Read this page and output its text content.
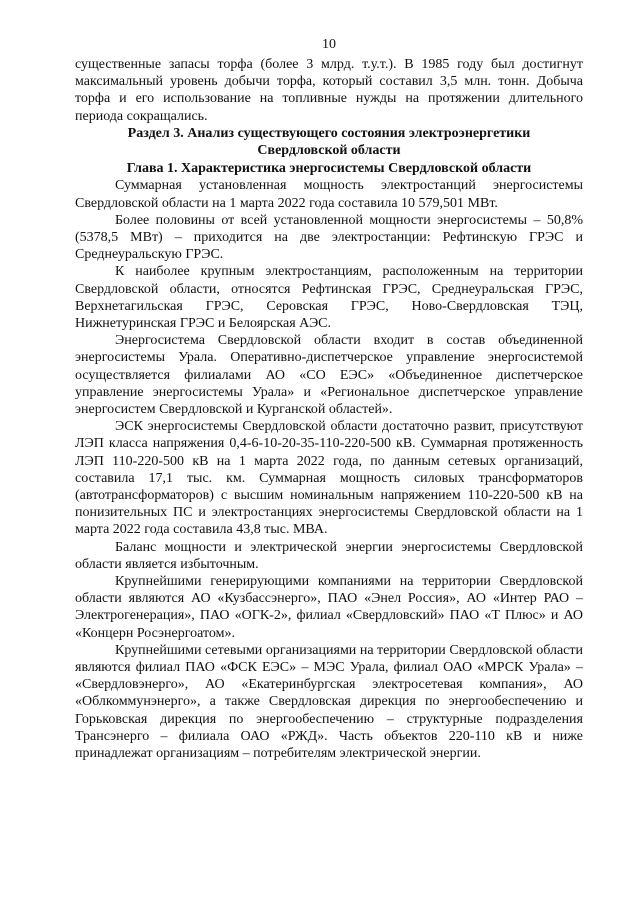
10

существенные запасы торфа (более 3 млрд. т.у.т.). В 1985 году был достигнут максимальный уровень добычи торфа, который составил 3,5 млн. тонн. Добыча торфа и его использование на топливные нужды на протяжении длительного периода сокращались.

Раздел 3. Анализ существующего состояния электроэнергетики Свердловской области
Глава 1. Характеристика энергосистемы Свердловской области

Суммарная установленная мощность электростанций энергосистемы Свердловской области на 1 марта 2022 года составила 10 579,501 МВт.

Более половины от всей установленной мощности энергосистемы – 50,8% (5378,5 МВт) – приходится на две электростанции: Рефтинскую ГРЭС и Среднеуральскую ГРЭС.

К наиболее крупным электростанциям, расположенным на территории Свердловской области, относятся Рефтинская ГРЭС, Среднеуральская ГРЭС, Верхнетагильская ГРЭС, Серовская ГРЭС, Ново-Свердловская ТЭЦ, Нижнетуринская ГРЭС и Белоярская АЭС.

Энергосистема Свердловской области входит в состав объединенной энергосистемы Урала. Оперативно-диспетчерское управление энергосистемой осуществляется филиалами АО «СО ЕЭС» «Объединенное диспетчерское управление энергосистемы Урала» и «Региональное диспетчерское управление энергосистем Свердловской и Курганской областей».

ЭСК энергосистемы Свердловской области достаточно развит, присутствуют ЛЭП класса напряжения 0,4-6-10-20-35-110-220-500 кВ. Суммарная протяженность ЛЭП 110-220-500 кВ на 1 марта 2022 года, по данным сетевых организаций, составила 17,1 тыс. км. Суммарная мощность силовых трансформаторов (автотрансформаторов) с высшим номинальным напряжением 110-220-500 кВ на понизительных ПС и электростанциях энергосистемы Свердловской области на 1 марта 2022 года составила 43,8 тыс. МВА.

Баланс мощности и электрической энергии энергосистемы Свердловской области является избыточным.

Крупнейшими генерирующими компаниями на территории Свердловской области являются АО «Кузбассэнерго», ПАО «Энел Россия», АО «Интер РАО – Электрогенерация», ПАО «ОГК-2», филиал «Свердловский» ПАО «Т Плюс» и АО «Концерн Росэнергоатом».

Крупнейшими сетевыми организациями на территории Свердловской области являются филиал ПАО «ФСК ЕЭС» – МЭС Урала, филиал ОАО «МРСК Урала» – «Свердловэнерго», АО «Екатеринбургская электросетевая компания», АО «Облкоммунэнерго», а также Свердловская дирекция по энергообеспечению и Горьковская дирекция по энергообеспечению – структурные подразделения Трансэнерго – филиала ОАО «РЖД». Часть объектов 220-110 кВ и ниже принадлежат организациям – потребителям электрической энергии.
